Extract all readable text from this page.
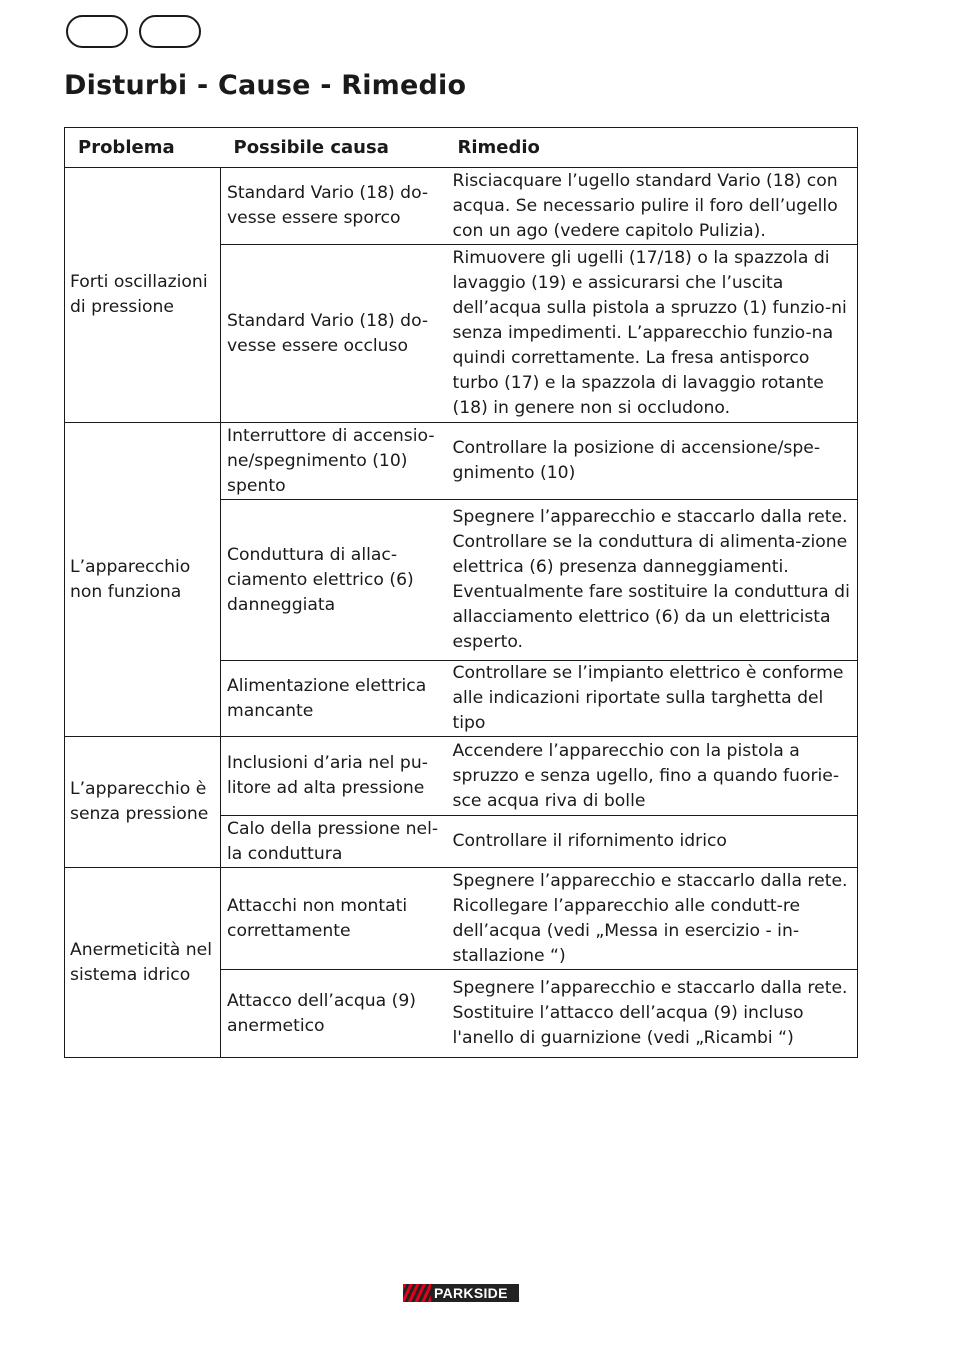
Disturbi - Cause - Rimedio
Problema	Possibile causa	Rimedio
Forti oscillazioni di pressione	Standard Vario (18) do-vesse essere sporco	Risciacquare l’ugello standard Vario (18) con acqua. Se necessario pulire il foro dell’ugello con un ago (vedere capitolo Pulizia).
	Standard Vario (18) do-vesse essere occluso	Rimuovere gli ugelli (17/18) o la spazzola di lavaggio (19) e assicurarsi che l’uscita dell’acqua sulla pistola a spruzzo (1) funzio-ni senza impedimenti. L’apparecchio funzio-na quindi correttamente. La fresa antisporco turbo (17) e la spazzola di lavaggio rotante (18) in genere non si occludono.
L’apparecchio non funziona	Interruttore di accensio-ne/spegnimento (10) spento	Controllare la posizione di accensione/spe-gnimento (10)
	Conduttura di allac-ciamento elettrico (6) danneggiata	Spegnere l’apparecchio e staccarlo dalla rete. Controllare se la conduttura di alimenta-zione elettrica (6) presenza danneggiamenti. Eventualmente fare sostituire la conduttura di allacciamento elettrico (6) da un elettricista esperto.
	Alimentazione elettrica mancante	Controllare se l’impianto elettrico è conforme alle indicazioni riportate sulla targhetta del tipo
L’apparecchio è senza pressione	Inclusioni d’aria nel pu-litore ad alta pressione	Accendere l’apparecchio con la pistola a spruzzo e senza ugello, fino a quando fuorie-sce acqua riva di bolle
	Calo della pressione nel-la conduttura	Controllare il rifornimento idrico
Anermeticità nel sistema idrico	Attacchi non montati correttamente	Spegnere l’apparecchio e staccarlo dalla rete. Ricollegare l’apparecchio alle condutt-re dell’acqua (vedi „Messa in esercizio - in-stallazione “)
	Attacco dell’acqua (9) anermetico	Spegnere l’apparecchio e staccarlo dalla rete. Sostituire l’attacco dell’acqua (9) incluso l'anello di guarnizione (vedi „Ricambi “)
PARKSIDE
